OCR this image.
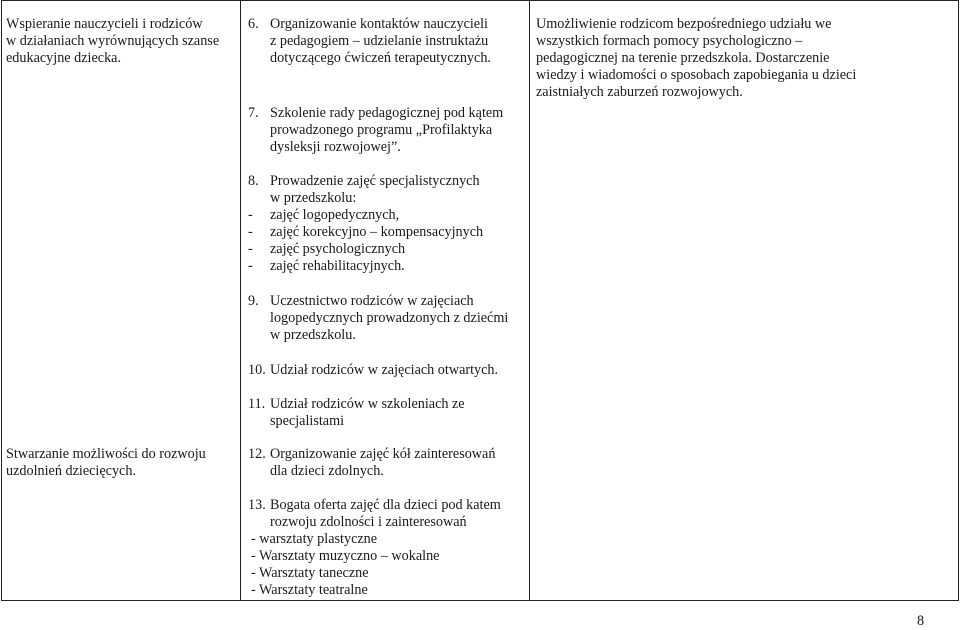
Wspieranie nauczycieli i rodziców
w działaniach wyrównujących szanse
edukacyjne dziecka.
Stwarzanie możliwości do rozwoju
uzdolnień dziecięcych.
6. Organizowanie kontaktów nauczycieli
z pedagogiem – udzielanie instruktażu
dotyczącego ćwiczeń terapeutycznych.
7. Szkolenie rady pedagogicznej pod kątem
prowadzonego programu „Profilaktyka
dysleksji rozwojowej”.
8. Prowadzenie zajęć specjalistycznych
w przedszkolu:
- zajęć logopedycznych,
- zajęć korekcyjno – kompensacyjnych
- zajęć psychologicznych
- zajęć rehabilitacyjnych.
9. Uczestnictwo rodziców w zajęciach
logopedycznych prowadzonych z dziećmi
w przedszkolu.
10. Udział rodziców w zajęciach otwartych.
11. Udział rodziców w szkoleniach ze
specjalistami
12. Organizowanie zajęć kół zainteresowań
dla dzieci zdolnych.
13. Bogata oferta zajęć dla dzieci pod katem
rozwoju zdolności i zainteresowań
- warsztaty plastyczne
- Warsztaty muzyczno – wokalne
- Warsztaty taneczne
- Warsztaty teatralne
Umożliwienie rodzicom bezpośredniego udziału we
wszystkich formach pomocy psychologiczno –
pedagogicznej na terenie przedszkola. Dostarczenie
wiedzy i wiadomości o sposobach zapobiegania u dzieci
zaistniałych zaburzeń rozwojowych.
8
